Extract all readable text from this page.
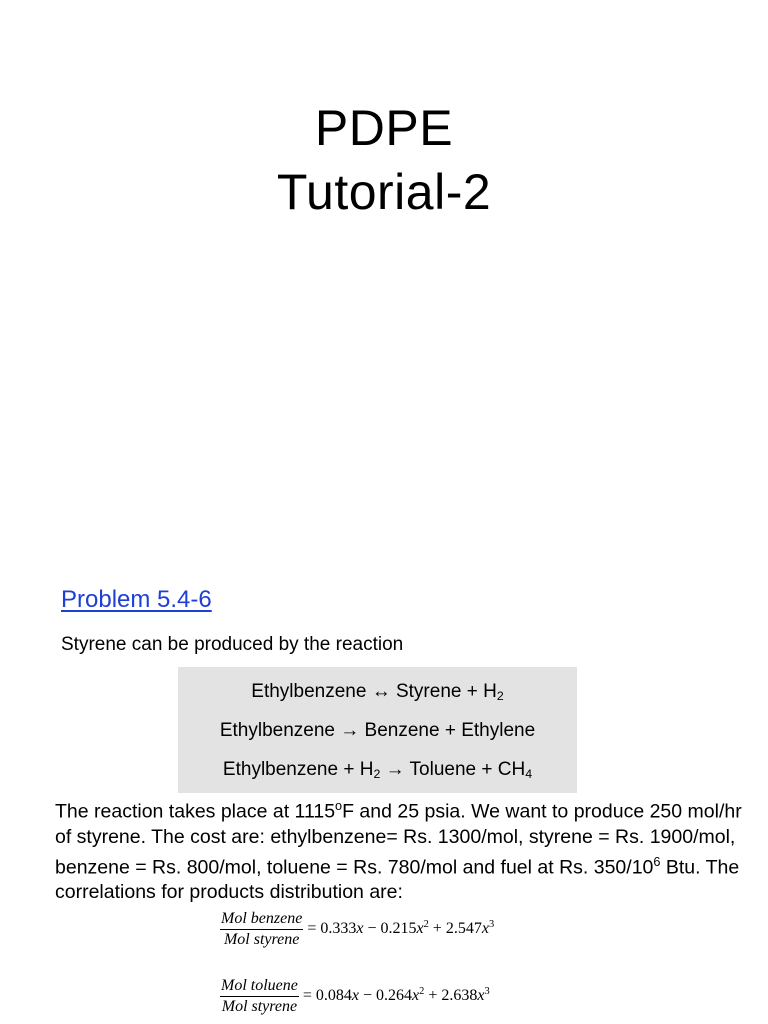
PDPE
Tutorial-2
Problem 5.4-6
Styrene can be produced by the reaction
Ethylbenzene ↔ Styrene + $H_2$
Ethylbenzene → Benzene + Ethylene
Ethylbenzene + $H_2$ → Toluene + $CH_4$
The reaction takes place at 1115$^o$F and 25 psia. We want to produce 250 mol/hr of styrene. The cost are: ethylbenzene= Rs. 1300/mol, styrene = Rs. 1900/mol, benzene = Rs. 800/mol, toluene = Rs. 780/mol and fuel at Rs. $350/10^6$ Btu. The correlations for products distribution are:
$\frac{\text{Mol benzene}}{\text{Mol styrene}} = 0.333x - 0.215x^2 + 2.547x^3$
$\frac{\text{Mol toluene}}{\text{Mol styrene}} = 0.084x - 0.264x^2 + 2.638x^3$
